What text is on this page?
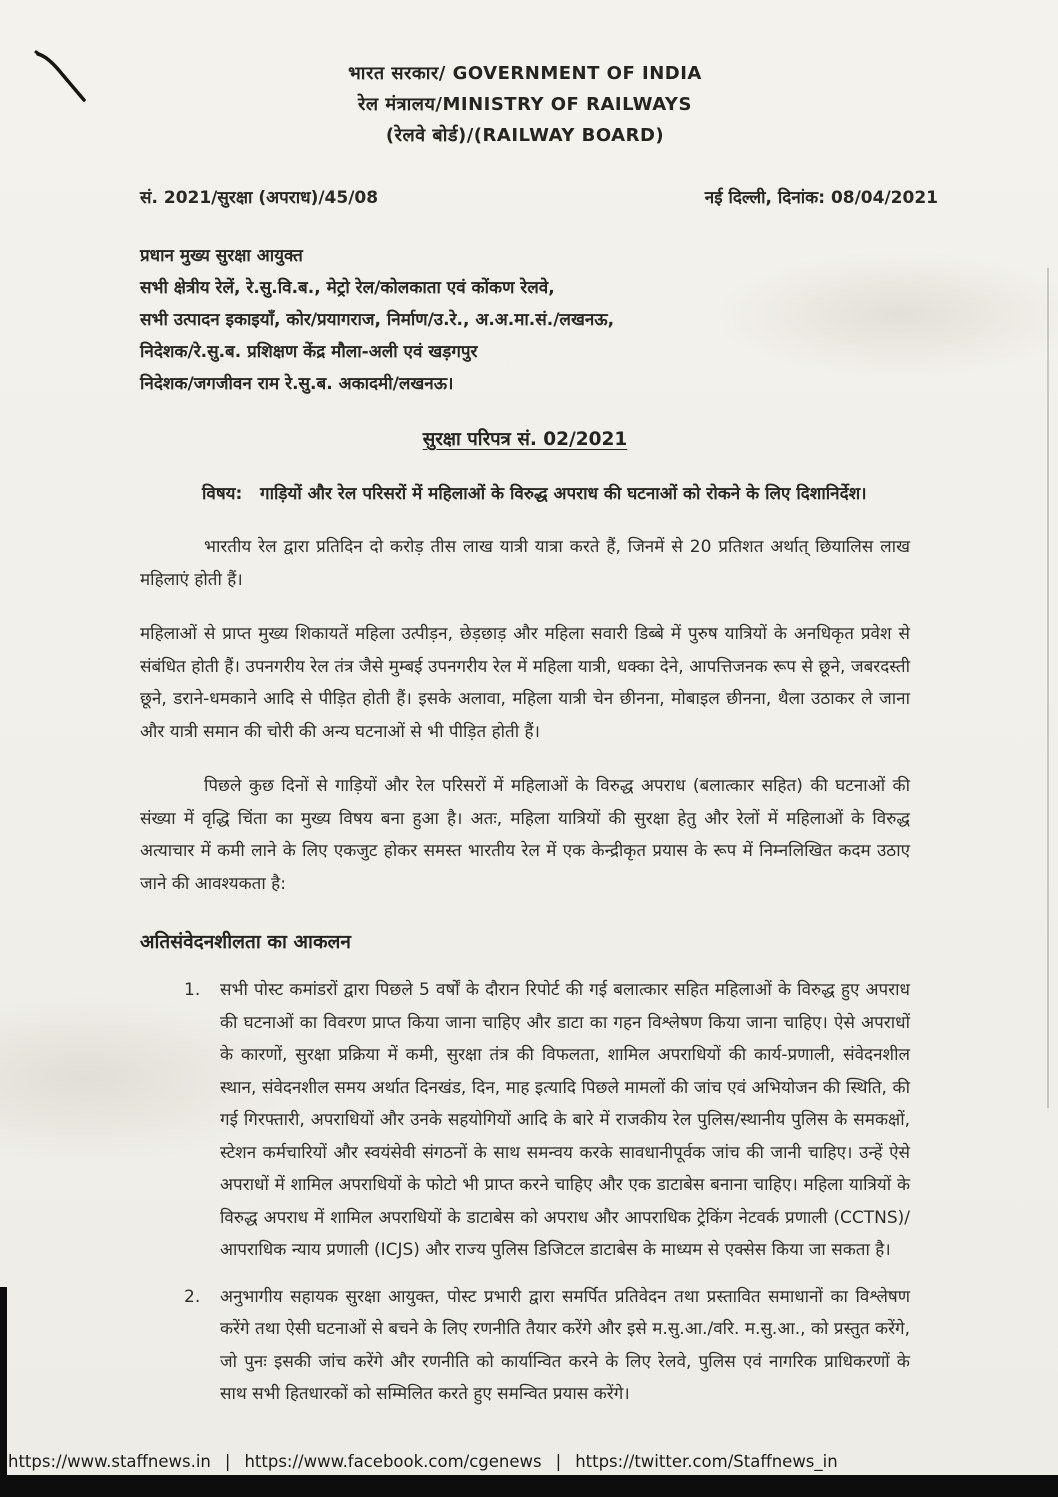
भारत सरकार/ GOVERNMENT OF INDIA
रेल मंत्रालय/MINISTRY OF RAILWAYS
(रेलवे बोर्ड)/(RAILWAY BOARD)
सं. 2021/सुरक्षा (अपराध)/45/08	नई दिल्ली, दिनांक: 08/04/2021
प्रधान मुख्य सुरक्षा आयुक्त
सभी क्षेत्रीय रेलें, रे.सु.वि.ब., मेट्रो रेल/कोलकाता एवं कोंकण रेलवे,
सभी उत्पादन इकाइयाँ, कोर/प्रयागराज, निर्माण/उ.रे., अ.अ.मा.सं./लखनऊ,
निदेशक/रे.सु.ब. प्रशिक्षण केंद्र मौला-अली एवं खड़गपुर
निदेशक/जगजीवन राम रे.सु.ब. अकादमी/लखनऊ।
सुरक्षा परिपत्र सं. 02/2021
विषय:	गाड़ियों और रेल परिसरों में महिलाओं के विरुद्ध अपराध की घटनाओं को रोकने के लिए दिशानिर्देश।

भारतीय रेल द्वारा प्रतिदिन दो करोड़ तीस लाख यात्री यात्रा करते हैं, जिनमें से 20 प्रतिशत अर्थात् छियालिस लाख महिलाएं होती हैं।

महिलाओं से प्राप्त मुख्य शिकायतें महिला उत्पीड़न, छेड़छाड़ और महिला सवारी डिब्बे में पुरुष यात्रियों के अनधिकृत प्रवेश से संबंधित होती हैं। उपनगरीय रेल तंत्र जैसे मुम्बई उपनगरीय रेल में महिला यात्री, धक्का देने, आपत्तिजनक रूप से छूने, जबरदस्ती छूने, डराने-धमकाने आदि से पीड़ित होती हैं। इसके अलावा, महिला यात्री चेन छीनना, मोबाइल छीनना, थैला उठाकर ले जाना और यात्री समान की चोरी की अन्य घटनाओं से भी पीड़ित होती हैं।

पिछले कुछ दिनों से गाड़ियों और रेल परिसरों में महिलाओं के विरुद्ध अपराध (बलात्कार सहित) की घटनाओं की संख्या में वृद्धि चिंता का मुख्य विषय बना हुआ है। अतः, महिला यात्रियों की सुरक्षा हेतु और रेलों में महिलाओं के विरुद्ध अत्याचार में कमी लाने के लिए एकजुट होकर समस्त भारतीय रेल में एक केन्द्रीकृत प्रयास के रूप में निम्नलिखित कदम उठाए जाने की आवश्यकता है:

अतिसंवेदनशीलता का आकलन
1.	सभी पोस्ट कमांडरों द्वारा पिछले 5 वर्षों के दौरान रिपोर्ट की गई बलात्कार सहित महिलाओं के विरुद्ध हुए अपराध की घटनाओं का विवरण प्राप्त किया जाना चाहिए और डाटा का गहन विश्लेषण किया जाना चाहिए। ऐसे अपराधों के कारणों, सुरक्षा प्रक्रिया में कमी, सुरक्षा तंत्र की विफलता, शामिल अपराधियों की कार्य-प्रणाली, संवेदनशील स्थान, संवेदनशील समय अर्थात दिनखंड, दिन, माह इत्यादि पिछले मामलों की जांच एवं अभियोजन की स्थिति, की गई गिरफ्तारी, अपराधियों और उनके सहयोगियों आदि के बारे में राजकीय रेल पुलिस/स्थानीय पुलिस के समकक्षों, स्टेशन कर्मचारियों और स्वयंसेवी संगठनों के साथ समन्वय करके सावधानीपूर्वक जांच की जानी चाहिए। उन्हें ऐसे अपराधों में शामिल अपराधियों के फोटो भी प्राप्त करने चाहिए और एक डाटाबेस बनाना चाहिए। महिला यात्रियों के विरुद्ध अपराध में शामिल अपराधियों के डाटाबेस को अपराध और आपराधिक ट्रेकिंग नेटवर्क प्रणाली (CCTNS)/आपराधिक न्याय प्रणाली (ICJS) और राज्य पुलिस डिजिटल डाटाबेस के माध्यम से एक्सेस किया जा सकता है।
2.	अनुभागीय सहायक सुरक्षा आयुक्त, पोस्ट प्रभारी द्वारा समर्पित प्रतिवेदन तथा प्रस्तावित समाधानों का विश्लेषण करेंगे तथा ऐसी घटनाओं से बचने के लिए रणनीति तैयार करेंगे और इसे म.सु.आ./वरि. म.सु.आ., को प्रस्तुत करेंगे, जो पुनः इसकी जांच करेंगे और रणनीति को कार्यान्वित करने के लिए रेलवे, पुलिस एवं नागरिक प्राधिकरणों के साथ सभी हितधारकों को सम्मिलित करते हुए समन्वित प्रयास करेंगे।
https://www.staffnews.in | https://www.facebook.com/cgenews | https://twitter.com/Staffnews_in
